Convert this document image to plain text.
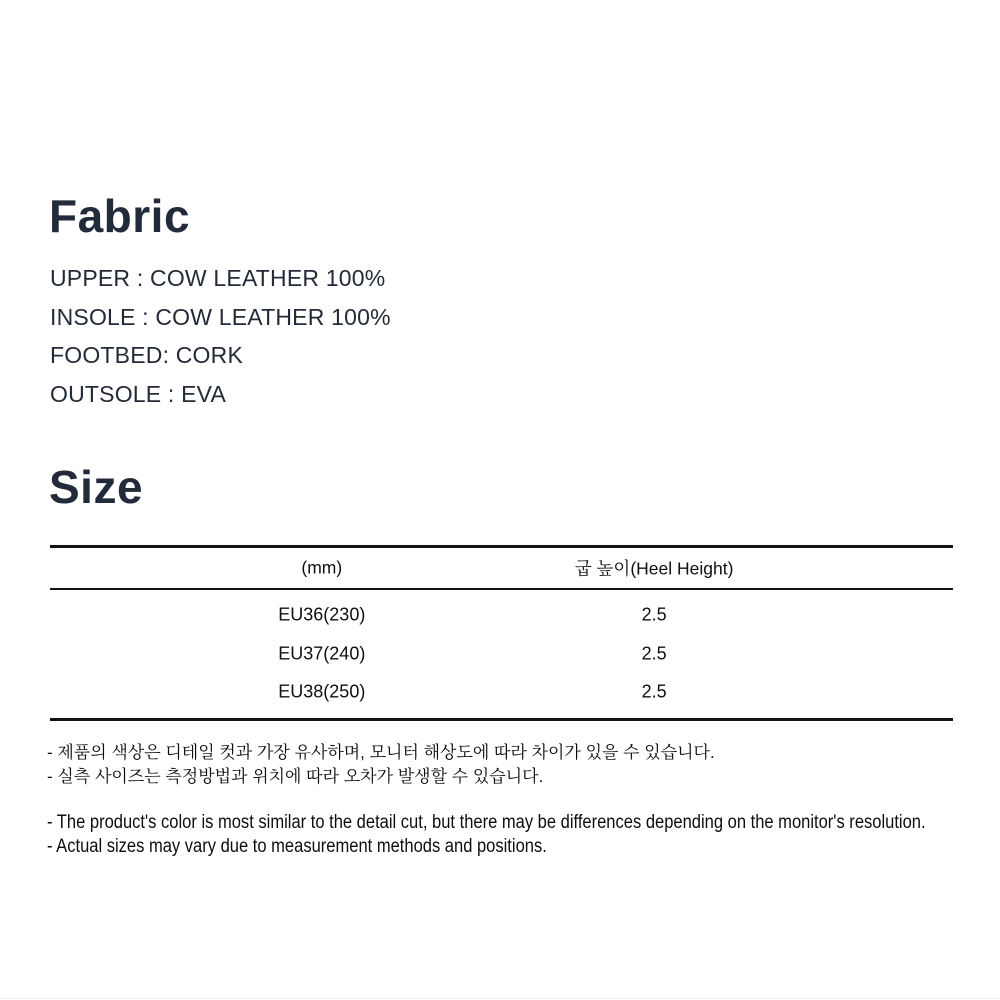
Fabric
UPPER : COW LEATHER 100%
INSOLE : COW LEATHER 100%
FOOTBED: CORK
OUTSOLE : EVA
Size
(mm)	굽 높이(Heel Height)
EU36(230)	2.5
EU37(240)	2.5
EU38(250)	2.5
- 제품의 색상은 디테일 컷과 가장 유사하며, 모니터 해상도에 따라 차이가 있을 수 있습니다.
- 실측 사이즈는 측정방법과 위치에 따라 오차가 발생할 수 있습니다.
- The product's color is most similar to the detail cut, but there may be differences depending on the monitor's resolution.
- Actual sizes may vary due to measurement methods and positions.
